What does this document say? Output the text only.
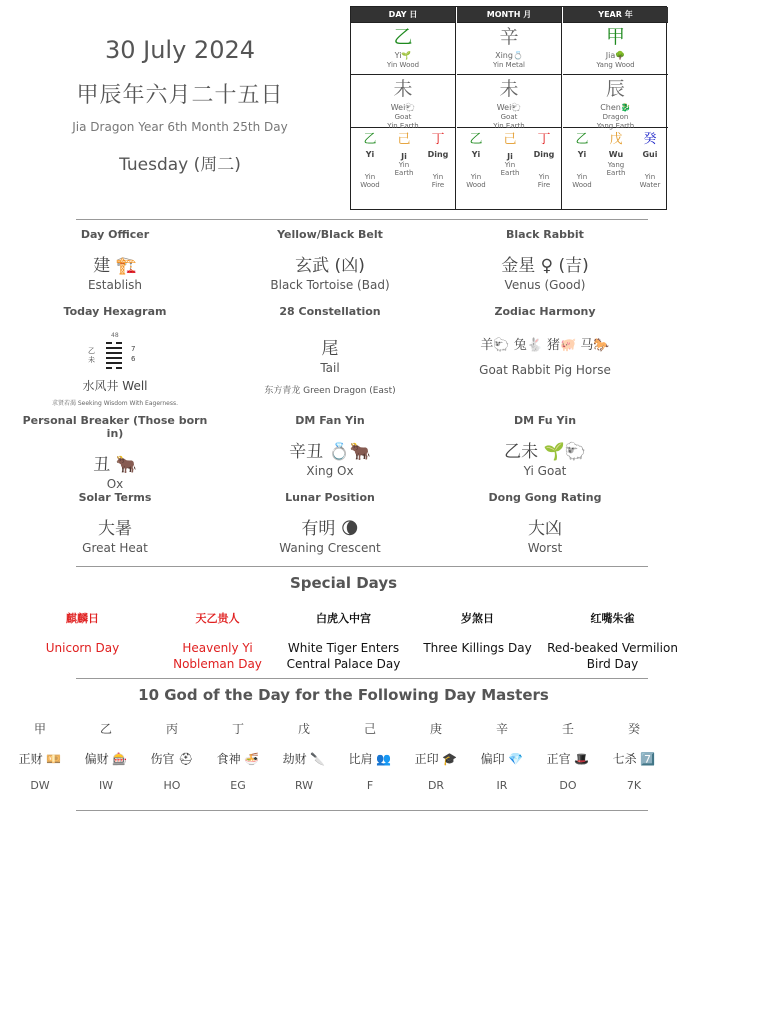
30 July 2024
甲辰年六月二十五日
Jia Dragon Year 6th Month 25th Day
Tuesday (周二)
DAY 日
乙
Yi🌱
Yin Wood
未
Wei🐑
Goat
Yin Earth
乙
Yi
Yin
Wood
己
Ji
Yin
Earth
丁
Ding
Yin
Fire
MONTH 月
辛
Xing💍
Yin Metal
未
Wei🐑
Goat
Yin Earth
乙
Yi
Yin
Wood
己
Ji
Yin
Earth
丁
Ding
Yin
Fire
YEAR 年
甲
Jia🌳
Yang Wood
辰
Chen🐉
Dragon
Yang Earth
乙
Yi
Yin
Wood
戊
Wu
Yang
Earth
癸
Gui
Yin
Water
Day Officer
建 🏗️
Establish
Yellow/Black Belt
玄武 (凶)
Black Tortoise (Bad)
Black Rabbit
金星 ♀ (吉)
Venus (Good)
Today Hexagram
48
乙
未
7
6
水风井 Well
求贤若渴 Seeking Wisdom With Eagerness.
28 Constellation
尾
Tail
东方青龙 Green Dragon (East)
Zodiac Harmony
羊🐑 兔🐇 猪🐖 马🐎
Goat Rabbit Pig Horse
Personal Breaker (Those born in)
丑 🐂
Ox
DM Fan Yin
辛丑 💍🐂
Xing Ox
DM Fu Yin
乙未 🌱🐑
Yi Goat
Solar Terms
大暑
Great Heat
Lunar Position
有明 🌘
Waning Crescent
Dong Gong Rating
大凶
Worst
Special Days
麒麟日
Unicorn Day
天乙贵人
Heavenly Yi Nobleman Day
白虎入中宫
White Tiger Enters Central Palace Day
岁煞日
Three Killings Day
红嘴朱雀
Red-beaked Vermilion Bird Day
10 God of the Day for the Following Day Masters
甲
正财 💴
DW
乙
偏财 🎰
IW
丙
伤官 ⛑
HO
丁
食神 🍜
EG
戊
劫财 🔪
RW
己
比肩 👥
F
庚
正印 🎓
DR
辛
偏印 💎
IR
壬
正官 🎩
DO
癸
七杀 7️⃣
7K
